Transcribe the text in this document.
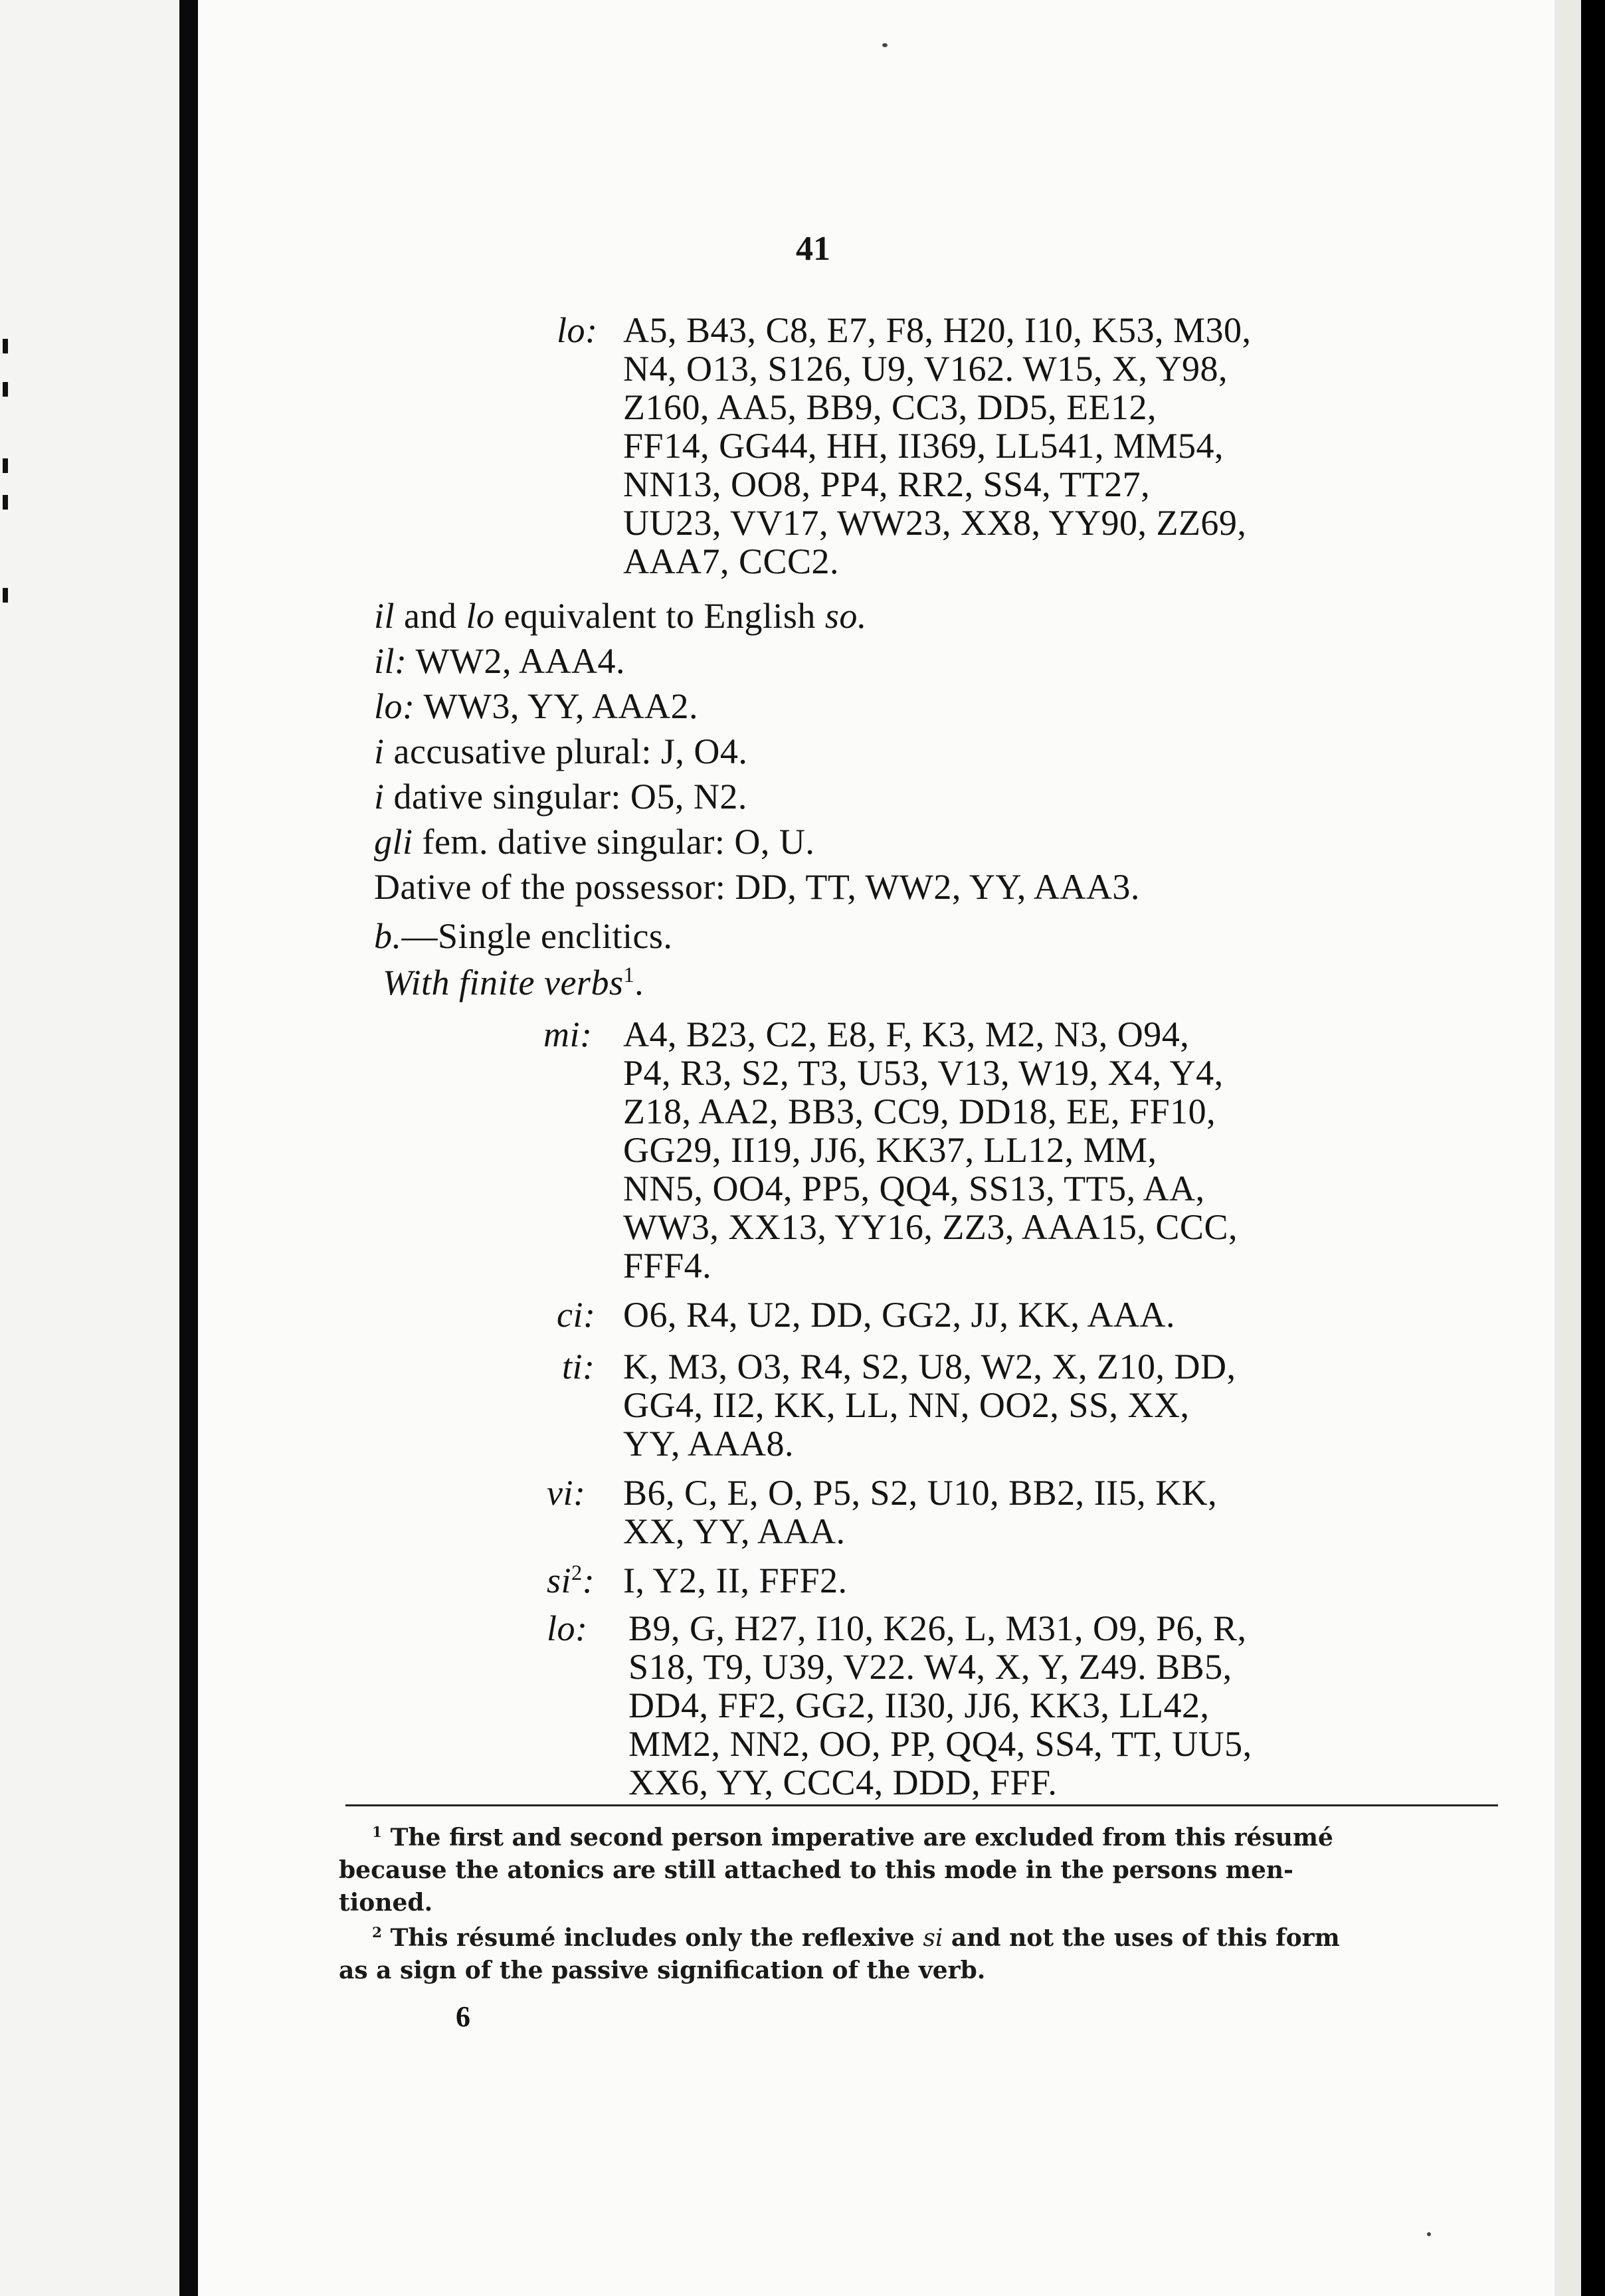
41
lo: A5, B43, C8, E7, F8, H20, I10, K53, M30,
N4, O13, S126, U9, V162. W15, X, Y98,
Z160, AA5, BB9, CC3, DD5, EE12,
FF14, GG44, HH, II369, LL541, MM54,
NN13, OO8, PP4, RR2, SS4, TT27,
UU23, VV17, WW23, XX8, YY90, ZZ69,
AAA7, CCC2.
il and lo equivalent to English so.
il: WW2, AAA4.
lo: WW3, YY, AAA2.
i accusative plural: J, O4.
i dative singular: O5, N2.
gli fem. dative singular: O, U.
Dative of the possessor: DD, TT, WW2, YY, AAA3.
b.—Single enclitics.
With finite verbs$^1$.
mi: A4, B23, C2, E8, F, K3, M2, N3, O94,
P4, R3, S2, T3, U53, V13, W19, X4, Y4,
Z18, AA2, BB3, CC9, DD18, EE, FF10,
GG29, II19, JJ6, KK37, LL12, MM,
NN5, OO4, PP5, QQ4, SS13, TT5, AA,
WW3, XX13, YY16, ZZ3, AAA15, CCC,
FFF4.
ci: O6, R4, U2, DD, GG2, JJ, KK, AAA.
ti: K, M3, O3, R4, S2, U8, W2, X, Z10, DD,
GG4, II2, KK, LL, NN, OO2, SS, XX,
YY, AAA8.
vi: B6, C, E, O, P5, S2, U10, BB2, II5, KK,
XX, YY, AAA.
$si^2$: I, Y2, II, FFF2.
lo: B9, G, H27, I10, K26, L, M31, O9, P6, R,
S18, T9, U39, V22. W4, X, Y, Z49. BB5,
DD4, FF2, GG2, II30, JJ6, KK3, LL42,
MM2, NN2, OO, PP, QQ4, SS4, TT, UU5,
XX6, YY, CCC4, DDD, FFF.
$^1$ The first and second person imperative are excluded from this résumé
because the atonics are still attached to this mode in the persons men-
tioned.
$^2$ This résumé includes only the reflexive si and not the uses of this form
as a sign of the passive signification of the verb.
6
